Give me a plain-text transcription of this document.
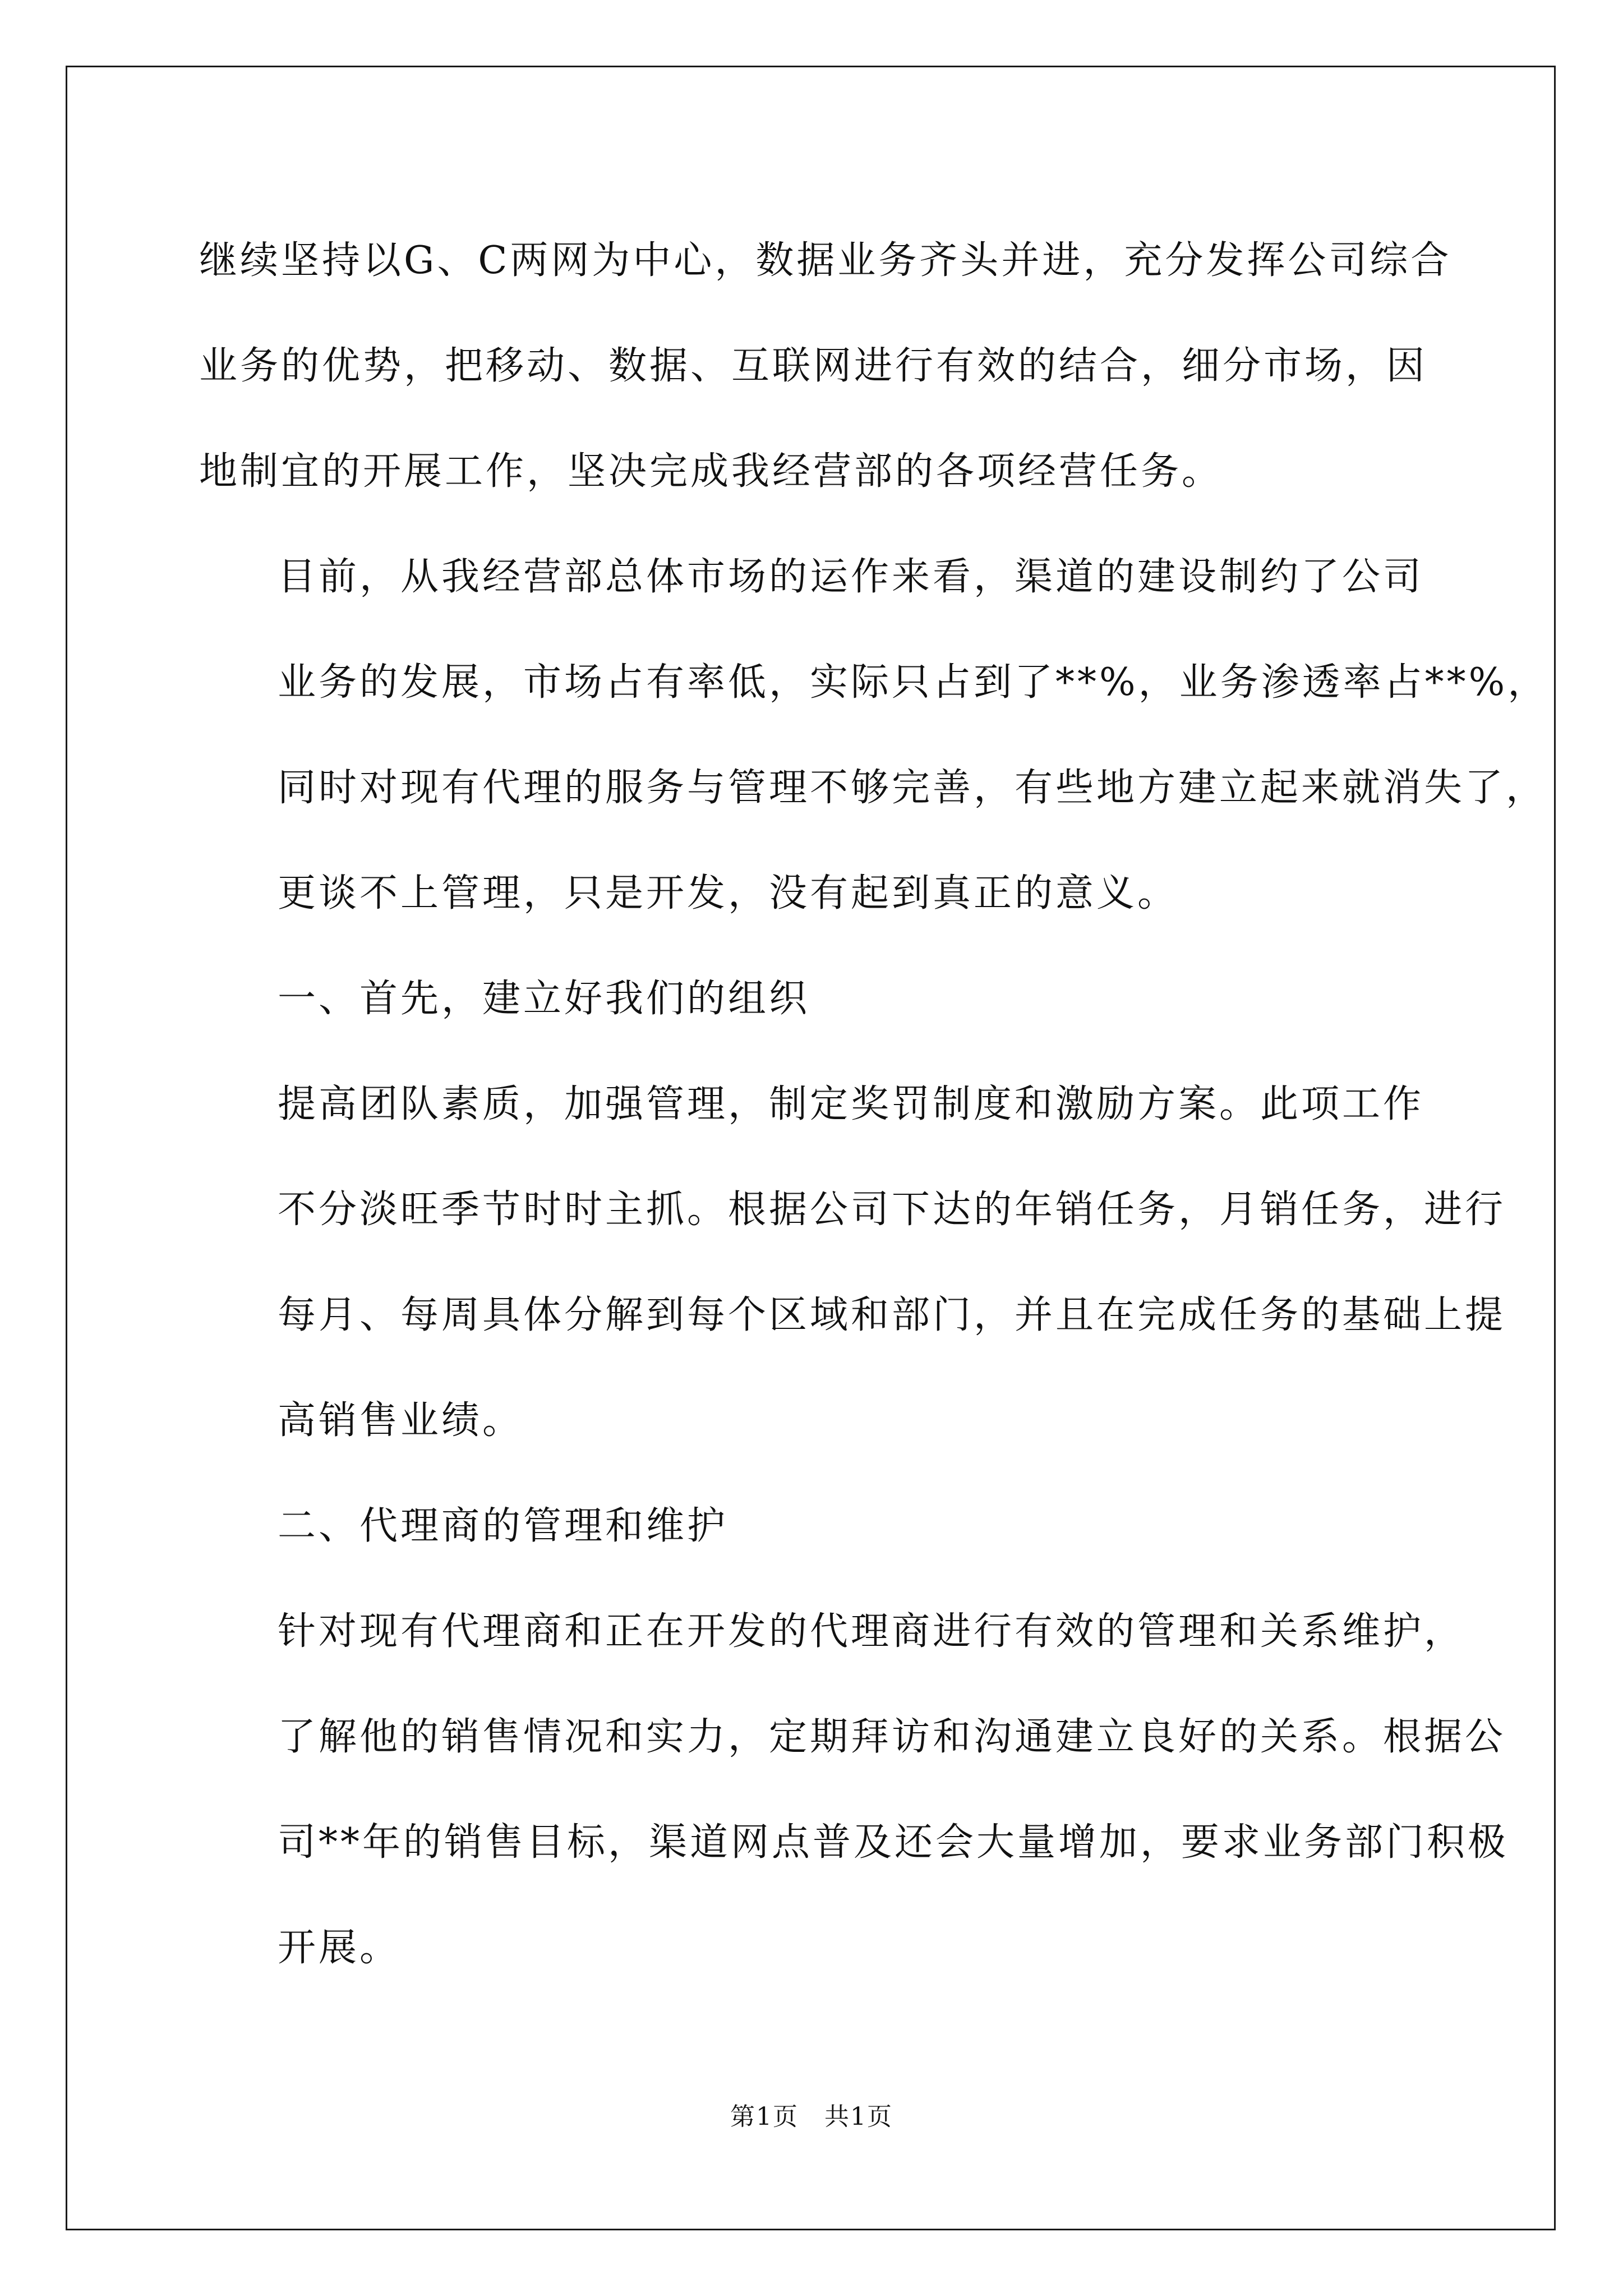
继续坚持以G、C两网为中心，数据业务齐头并进，充分发挥公司综合
业务的优势，把移动、数据、互联网进行有效的结合，细分市场，因
地制宜的开展工作，坚决完成我经营部的各项经营任务。

目前，从我经营部总体市场的运作来看，渠道的建设制约了公司
业务的发展，市场占有率低，实际只占到了**%，业务渗透率占**%，
同时对现有代理的服务与管理不够完善，有些地方建立起来就消失了，
更谈不上管理，只是开发，没有起到真正的意义。

一、首先，建立好我们的组织

提高团队素质，加强管理，制定奖罚制度和激励方案。此项工作
不分淡旺季节时时主抓。根据公司下达的年销任务，月销任务，进行
每月、每周具体分解到每个区域和部门，并且在完成任务的基础上提
高销售业绩。

二、代理商的管理和维护

针对现有代理商和正在开发的代理商进行有效的管理和关系维护，
了解他的销售情况和实力，定期拜访和沟通建立良好的关系。根据公
司**年的销售目标，渠道网点普及还会大量增加，要求业务部门积极
开展。

第1页　共1页
